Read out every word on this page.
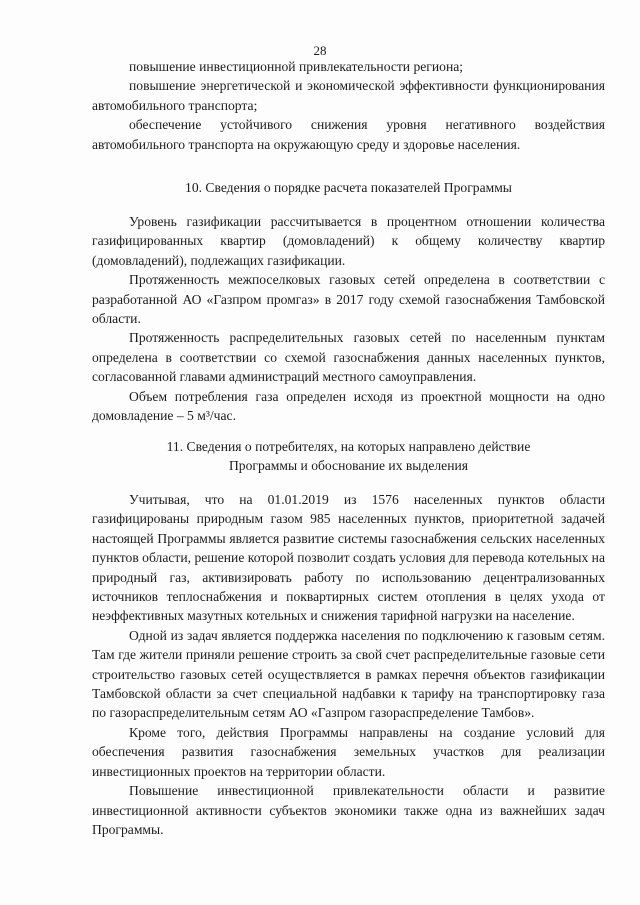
28

повышение инвестиционной привлекательности региона;

повышение энергетической и экономической эффективности функционирования автомобильного транспорта;

обеспечение устойчивого снижения уровня негативного воздействия автомобильного транспорта на окружающую среду и здоровье населения.

10. Сведения о порядке расчета показателей Программы

Уровень газификации рассчитывается в процентном отношении количества газифицированных квартир (домовладений) к общему количеству квартир (домовладений), подлежащих газификации.

Протяженность межпоселковых газовых сетей определена в соответствии с разработанной АО «Газпром промгаз» в 2017 году схемой газоснабжения Тамбовской области.

Протяженность распределительных газовых сетей по населенным пунктам определена в соответствии со схемой газоснабжения данных населенных пунктов, согласованной главами администраций местного самоуправления.

Объем потребления газа определен исходя из проектной мощности на одно домовладение – 5 м³/час.

11. Сведения о потребителях, на которых направлено действие

Программы и обоснование их выделения

Учитывая, что на 01.01.2019 из 1576 населенных пунктов области газифицированы природным газом 985 населенных пунктов, приоритетной задачей настоящей Программы является развитие системы газоснабжения сельских населенных пунктов области, решение которой позволит создать условия для перевода котельных на природный газ, активизировать работу по использованию децентрализованных источников теплоснабжения и поквартирных систем отопления в целях ухода от неэффективных мазутных котельных и снижения тарифной нагрузки на население.

Одной из задач является поддержка населения по подключению к газовым сетям. Там где жители приняли решение строить за свой счет распределительные газовые сети строительство газовых сетей осуществляется в рамках перечня объектов газификации Тамбовской области за счет специальной надбавки к тарифу на транспортировку газа по газораспределительным сетям АО «Газпром газораспределение Тамбов».

Кроме того, действия Программы направлены на создание условий для обеспечения развития газоснабжения земельных участков для реализации инвестиционных проектов на территории области.

Повышение инвестиционной привлекательности области и развитие инвестиционной активности субъектов экономики также одна из важнейших задач Программы.
